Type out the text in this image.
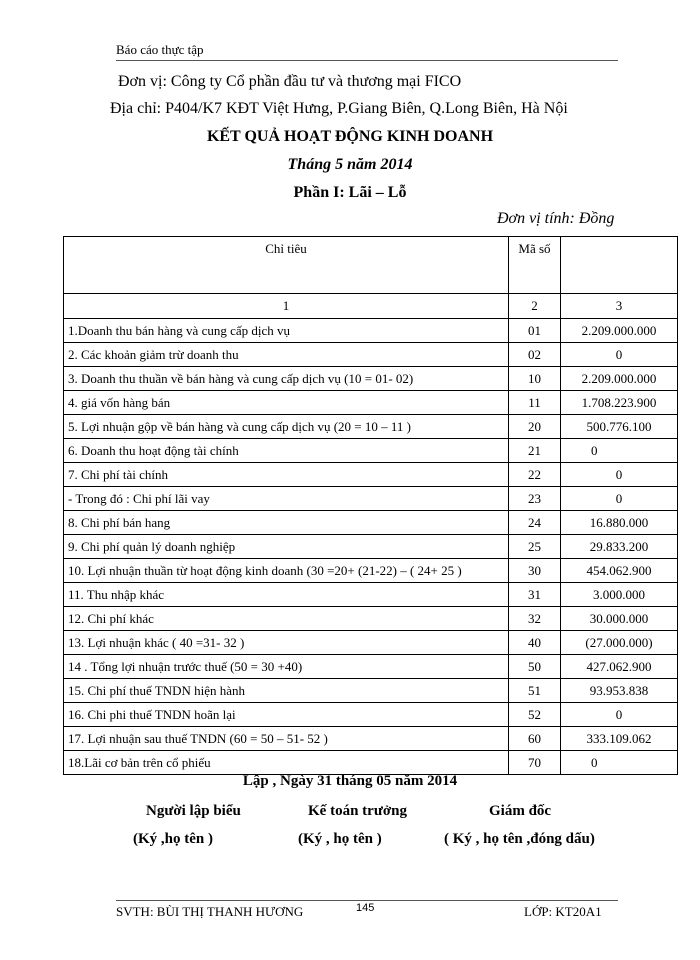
Báo cáo thực tập
Đơn vị: Công ty Cổ phần đầu tư và thương mại FICO
Địa chỉ: P404/K7 KĐT Việt Hưng, P.Giang Biên, Q.Long Biên, Hà Nội
KẾT QUẢ HOẠT ĐỘNG KINH DOANH
Tháng 5 năm 2014
Phần I: Lãi – Lỗ
Đơn vị tính: Đồng
Chỉ tiêu	Mã số	
1	2	3
1.Doanh thu bán hàng và cung cấp dịch vụ	01	2.209.000.000
2. Các khoản giảm trừ doanh thu	02	0
3. Doanh thu thuần về bán hàng và cung cấp dịch vụ (10 = 01- 02)	10	2.209.000.000
4. giá vốn hàng bán	11	1.708.223.900
5. Lợi nhuận gộp về bán hàng và cung cấp dịch vụ (20 = 10 – 11 )	20	500.776.100
6. Doanh thu hoạt động tài chính	21	0
7. Chi phí tài chính	22	0
- Trong đó : Chi phí lãi vay	23	0
8. Chi phí bán hang	24	16.880.000
9. Chi phí quản lý doanh nghiệp	25	29.833.200
10. Lợi nhuận thuần từ hoạt động kinh doanh (30 =20+ (21-22) – ( 24+ 25 )	30	454.062.900
11. Thu nhập khác	31	3.000.000
12. Chi phí khác	32	30.000.000
13. Lợi nhuận khác ( 40 =31- 32 )	40	(27.000.000)
14 . Tổng lợi nhuận trước thuế (50 = 30 +40)	50	427.062.900
15. Chi phí thuế TNDN hiện hành	51	93.953.838
16. Chi phi thuế TNDN hoãn lại	52	0
17. Lợi nhuận sau thuế TNDN (60 = 50 – 51- 52 )	60	333.109.062
18.Lãi cơ bản trên cổ phiếu	70	0
Lập , Ngày 31 tháng 05 năm 2014
Người lập biểu	Kế toán trưởng	Giám đốc
(Ký ,họ tên )	(Ký , họ tên )	( Ký , họ tên ,đóng dấu)
SVTH: BÙI THỊ THANH HƯƠNG	145	LỚP: KT20A1
